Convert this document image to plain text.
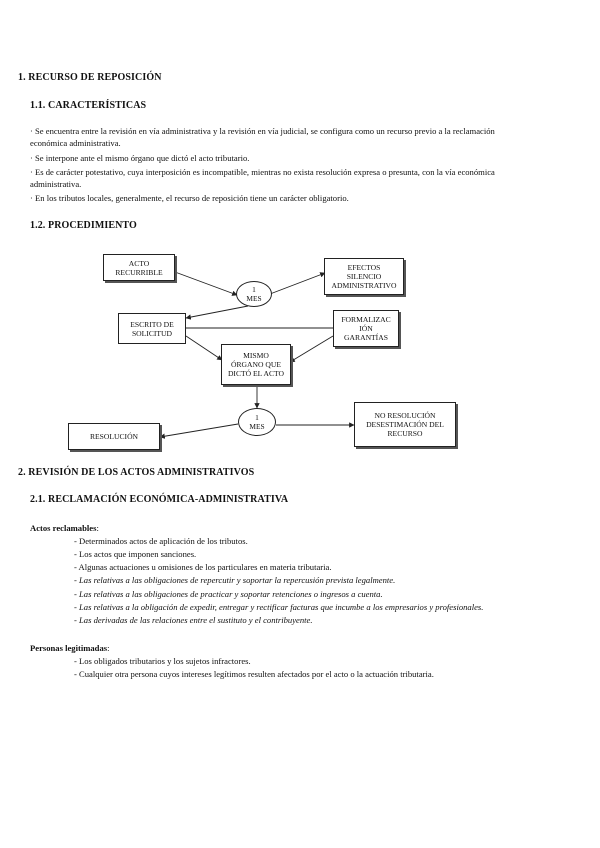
1. RECURSO DE REPOSICIÓN
1.1. CARACTERÍSTICAS
· Se encuentra entre la revisión en vía administrativa y la revisión en vía judicial, se configura como un recurso previo a la reclamación
económica administrativa.
· Se interpone ante el mismo órgano que dictó el acto tributario.
· Es de carácter potestativo, cuya interposición es incompatible, mientras no exista resolución expresa o presunta, con la vía económica
administrativa.
· En los tributos locales, generalmente, el recurso de reposición tiene un carácter obligatorio.
1.2. PROCEDIMIENTO
ACTO
RECURRIBLE	EFECTOS
SILENCIO
ADMINISTRATIVO
1
MES
ESCRITO DE
SOLICITUD
FORMALIZAC
IÓN
GARANTÍAS
MISMO
ÓRGANO QUE
DICTÓ EL ACTO
1
MES
RESOLUCIÓN
NO RESOLUCIÓN
DESESTIMACIÓN DEL
RECURSO
2. REVISIÓN DE LOS ACTOS ADMINISTRATIVOS
2.1. RECLAMACIÓN ECONÓMICA-ADMINISTRATIVA
Actos reclamables:
- Determinados actos de aplicación de los tributos.
- Los actos que imponen sanciones.
- Algunas actuaciones u omisiones de los particulares en materia tributaria.
- Las relativas a las obligaciones de repercutir y soportar la repercusión prevista legalmente.
- Las relativas a las obligaciones de practicar y soportar retenciones o ingresos a cuenta.
- Las relativas a la obligación de expedir, entregar y rectificar facturas que incumbe a los empresarios y profesionales.
- Las derivadas de las relaciones entre el sustituto y el contribuyente.
Personas legitimadas:
- Los obligados tributarios y los sujetos infractores.
- Cualquier otra persona cuyos intereses legítimos resulten afectados por el acto o la actuación tributaria.
